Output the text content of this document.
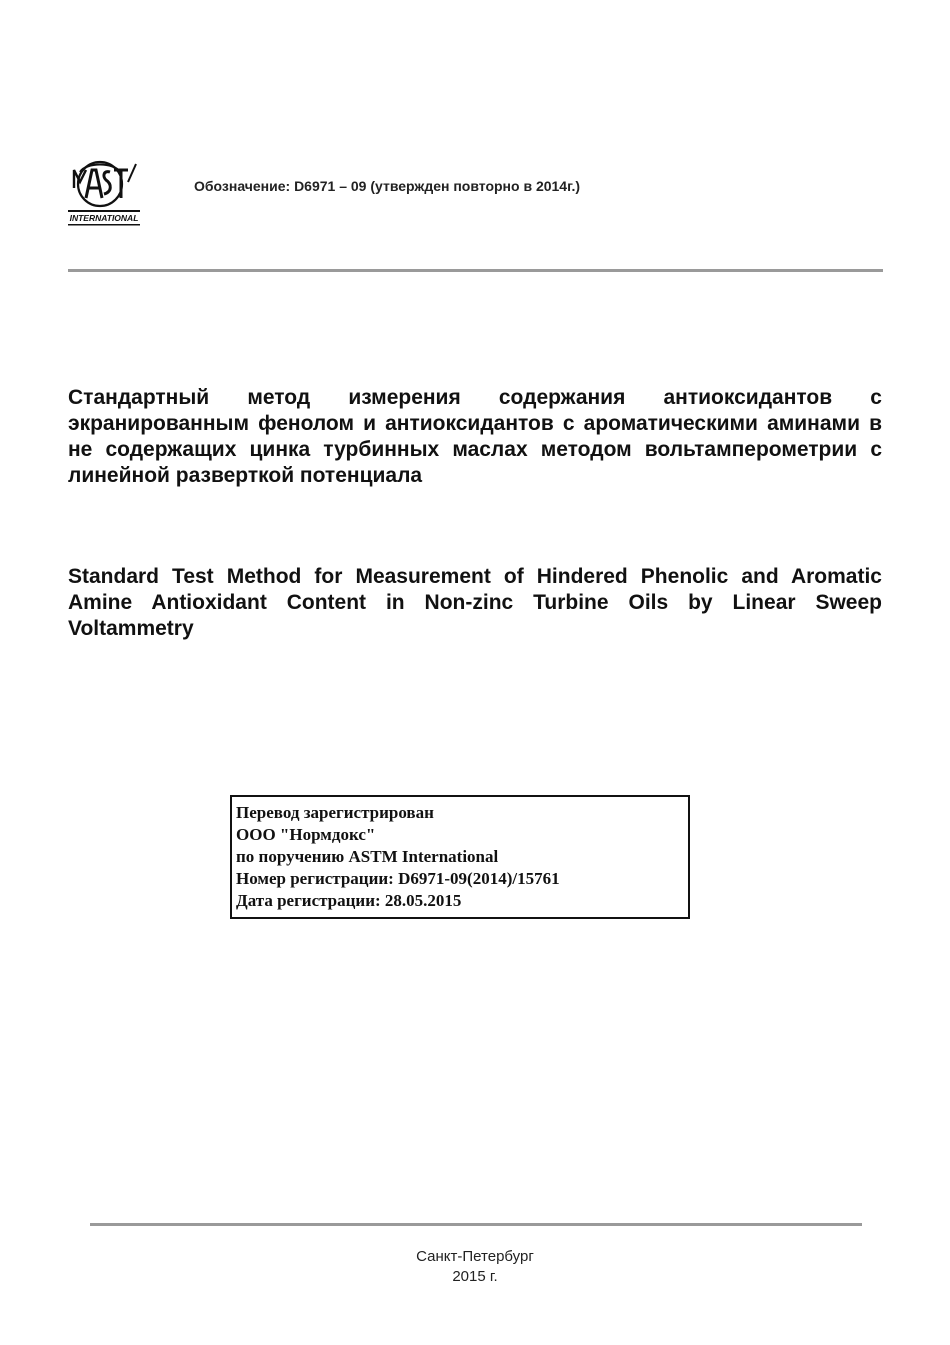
INTERNATIONAL
Обозначение: D6971 – 09 (утвержден повторно в 2014г.)
Стандартный метод измерения содержания антиоксидантов с экранированным фенолом и антиоксидантов с ароматическими аминами в не содержащих цинка турбинных маслах методом вольтамперометрии с линейной разверткой потенциала
Standard Test Method for Measurement of Hindered Phenolic and Aromatic Amine Antioxidant Content in Non-zinc Turbine Oils by Linear Sweep Voltammetry
Перевод зарегистрирован
ООО "Нормдокс"
по поручению ASTM International
Номер регистрации: D6971-09(2014)/15761
Дата регистрации: 28.05.2015
Санкт-Петербург
2015 г.
